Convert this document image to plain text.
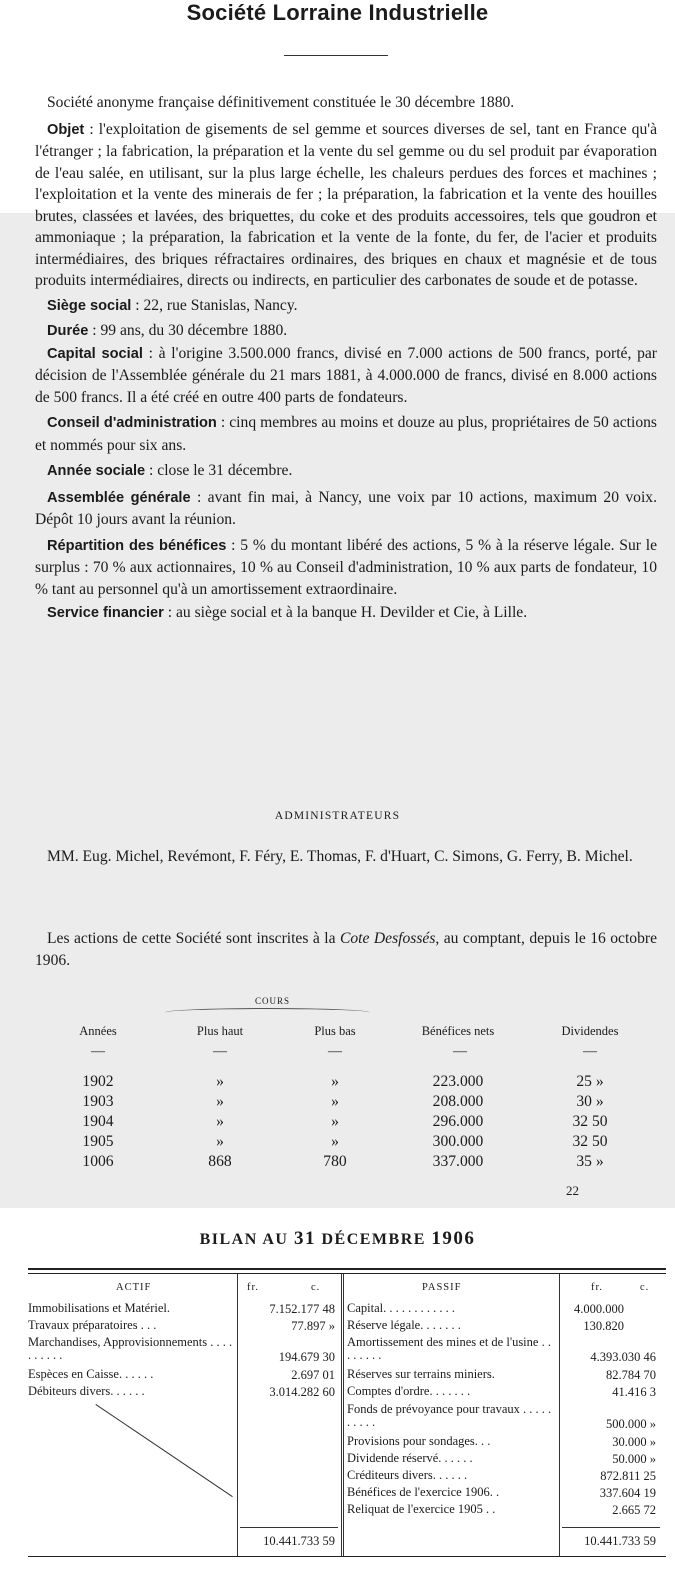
Société Lorraine Industrielle

Société anonyme française définitivement constituée le 30 décembre 1880.

Objet : l'exploitation de gisements de sel gemme et sources diverses de sel, tant en France qu'à l'étranger ; la fabrication, la préparation et la vente du sel gemme ou du sel produit par évaporation de l'eau salée, en utilisant, sur la plus large échelle, les chaleurs perdues des forces et machines ; l'exploitation et la vente des minerais de fer ; la préparation, la fabrication et la vente des houilles brutes, classées et lavées, des briquettes, du coke et des produits accessoires, tels que goudron et ammoniaque ; la préparation, la fabrication et la vente de la fonte, du fer, de l'acier et produits intermédiaires, des briques réfractaires ordinaires, des briques en chaux et magnésie et de tous produits intermédiaires, directs ou indirects, en particulier des carbonates de soude et de potasse.

Siège social : 22, rue Stanislas, Nancy.

Durée : 99 ans, du 30 décembre 1880.

Capital social : à l'origine 3.500.000 francs, divisé en 7.000 actions de 500 francs, porté, par décision de l'Assemblée générale du 21 mars 1881, à 4.000.000 de francs, divisé en 8.000 actions de 500 francs. Il a été créé en outre 400 parts de fondateurs.

Conseil d'administration : cinq membres au moins et douze au plus, propriétaires de 50 actions et nommés pour six ans.

Année sociale : close le 31 décembre.

Assemblée générale : avant fin mai, à Nancy, une voix par 10 actions, maximum 20 voix. Dépôt 10 jours avant la réunion.

Répartition des bénéfices : 5 % du montant libéré des actions, 5 % à la réserve légale. Sur le surplus : 70 % aux actionnaires, 10 % au Conseil d'administration, 10 % aux parts de fondateur, 10 % tant au personnel qu'à un amortissement extraordinaire.

Service financier : au siège social et à la banque H. Devilder et Cie, à Lille.

ADMINISTRATEURS
MM. Eug. Michel, Revémont, F. Féry, E. Thomas, F. d'Huart, C. Simons, G. Ferry, B. Michel.
Les actions de cette Société sont inscrites à la Cote Desfossés, au comptant, depuis le 16 octobre 1906.
COURS
Années	Plus haut	Plus bas	Bénéfices nets	Dividendes
—	—	—	—	—
1902	»	»	223.000	25 »
1903	»	»	208.000	30 »
1904	»	»	296.000	32 50
1905	»	»	300.000	32 50
1006	868	780	337.000	35 »
22
BILAN AU 31 DÉCEMBRE 1906
ACTIF	fr.	c.	PASSIF	fr.	c.
Immobilisations et Matériel.	7.152.177 48
Travaux préparatoires . . .	77.897 »
Marchandises, Approvisionnements . . . . . . . . . .	194.679 30
Espèces en Caisse. . . . . .	2.697 01
Débiteurs divers. . . . . .	3.014.282 60
Capital. . . . . . . . . . . .	4.000.000
Réserve légale. . . . . . .	130.820
Amortissement des mines et de l'usine . . . . . . . .	4.393.030 46
Réserves sur terrains miniers.	82.784 70
Comptes d'ordre. . . . . . .	41.416 3
Fonds de prévoyance pour travaux . . . . . . . . . .	500.000 »
Provisions pour sondages. . .	30.000 »
Dividende réservé. . . . . .	50.000 »
Créditeurs divers. . . . . .	872.811 25
Bénéfices de l'exercice 1906. .	337.604 19
Reliquat de l'exercice 1905 . .	2.665 72
10.441.733 59	10.441.733 59
